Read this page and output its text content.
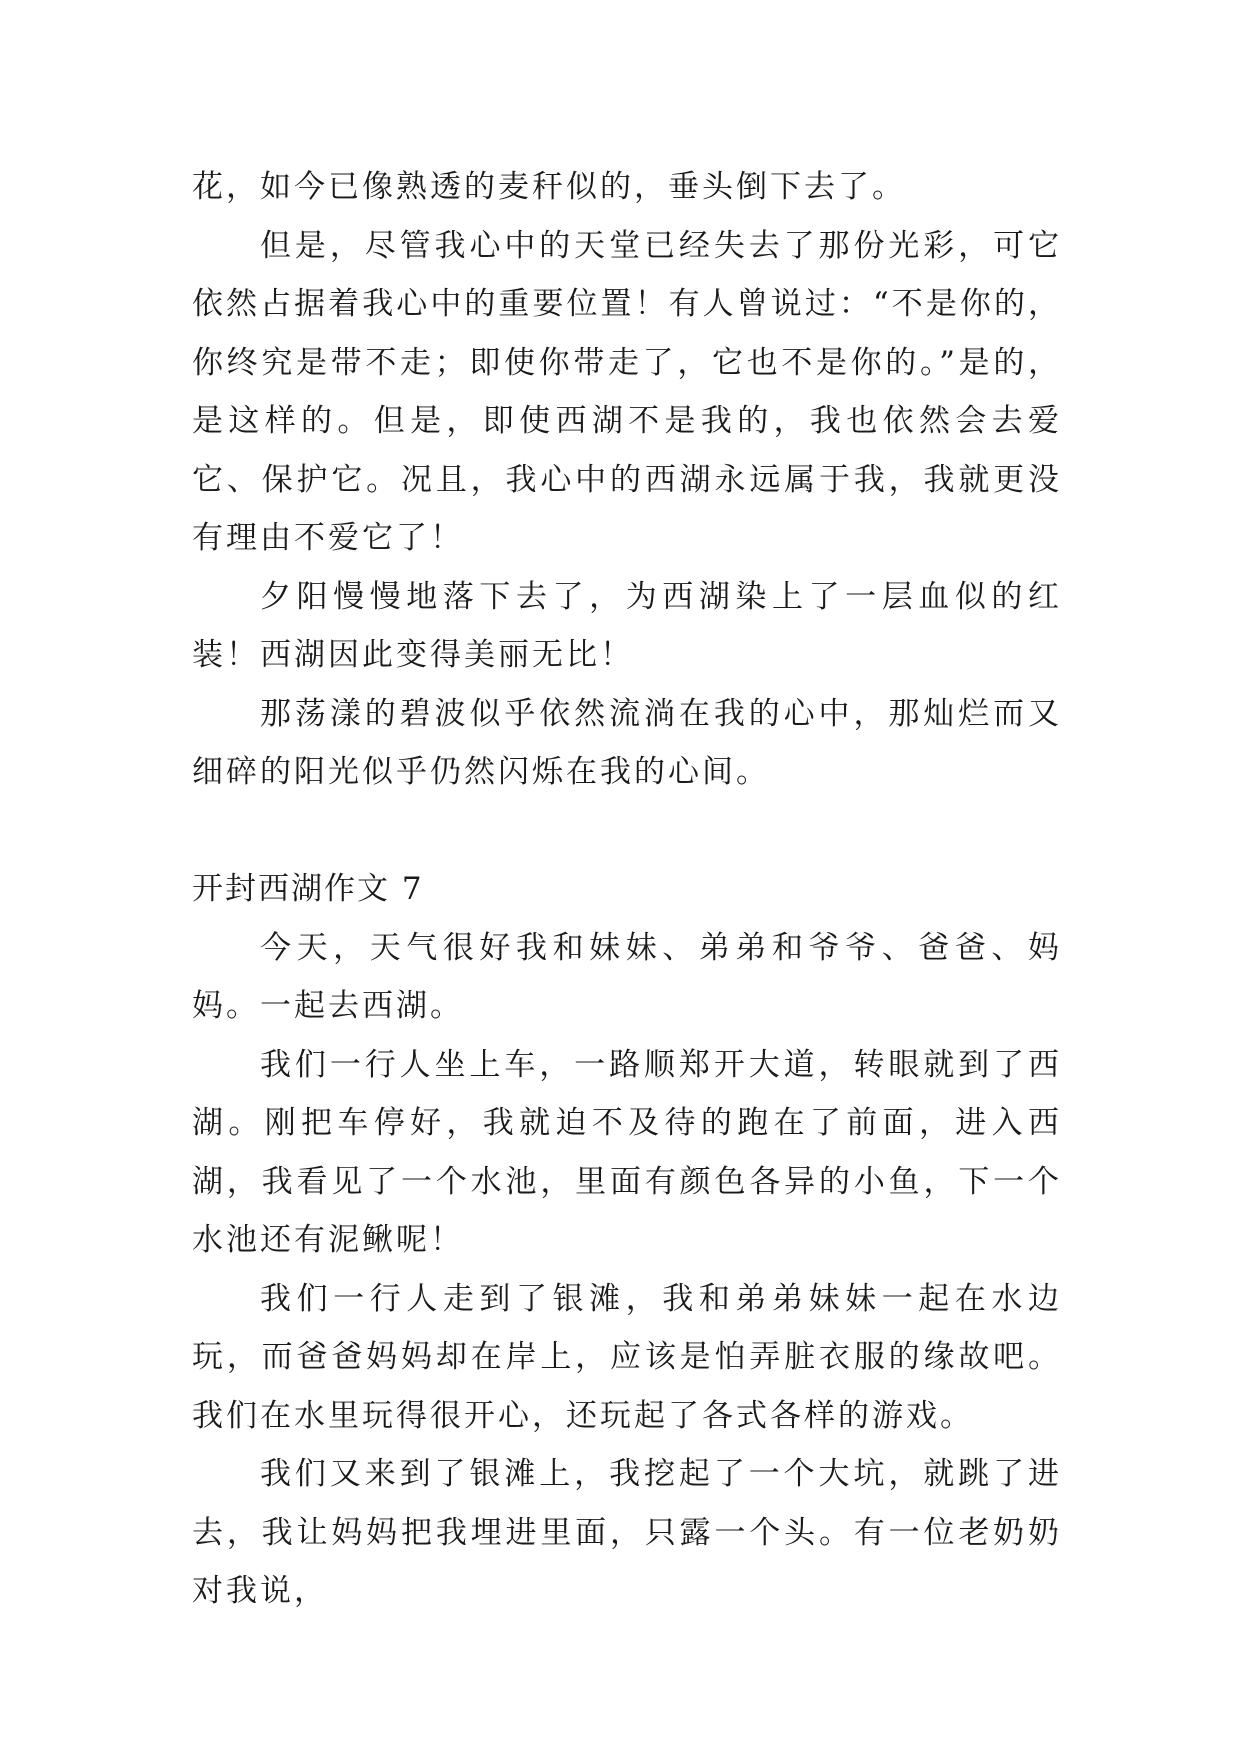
花，如今已像熟透的麦秆似的，垂头倒下去了。

但是，尽管我心中的天堂已经失去了那份光彩，可它依然占据着我心中的重要位置！有人曾说过：“不是你的，你终究是带不走；即使你带走了，它也不是你的。”是的，是这样的。但是，即使西湖不是我的，我也依然会去爱它、保护它。况且，我心中的西湖永远属于我，我就更没有理由不爱它了！

夕阳慢慢地落下去了，为西湖染上了一层血似的红装！西湖因此变得美丽无比！

那荡漾的碧波似乎依然流淌在我的心中，那灿烂而又细碎的阳光似乎仍然闪烁在我的心间。

开封西湖作文 7

今天，天气很好我和妹妹、弟弟和爷爷、爸爸、妈妈。一起去西湖。

我们一行人坐上车，一路顺郑开大道，转眼就到了西湖。刚把车停好，我就迫不及待的跑在了前面，进入西湖，我看见了一个水池，里面有颜色各异的小鱼，下一个水池还有泥鳅呢！

我们一行人走到了银滩，我和弟弟妹妹一起在水边玩，而爸爸妈妈却在岸上，应该是怕弄脏衣服的缘故吧。我们在水里玩得很开心，还玩起了各式各样的游戏。

我们又来到了银滩上，我挖起了一个大坑，就跳了进去，我让妈妈把我埋进里面，只露一个头。有一位老奶奶对我说，
